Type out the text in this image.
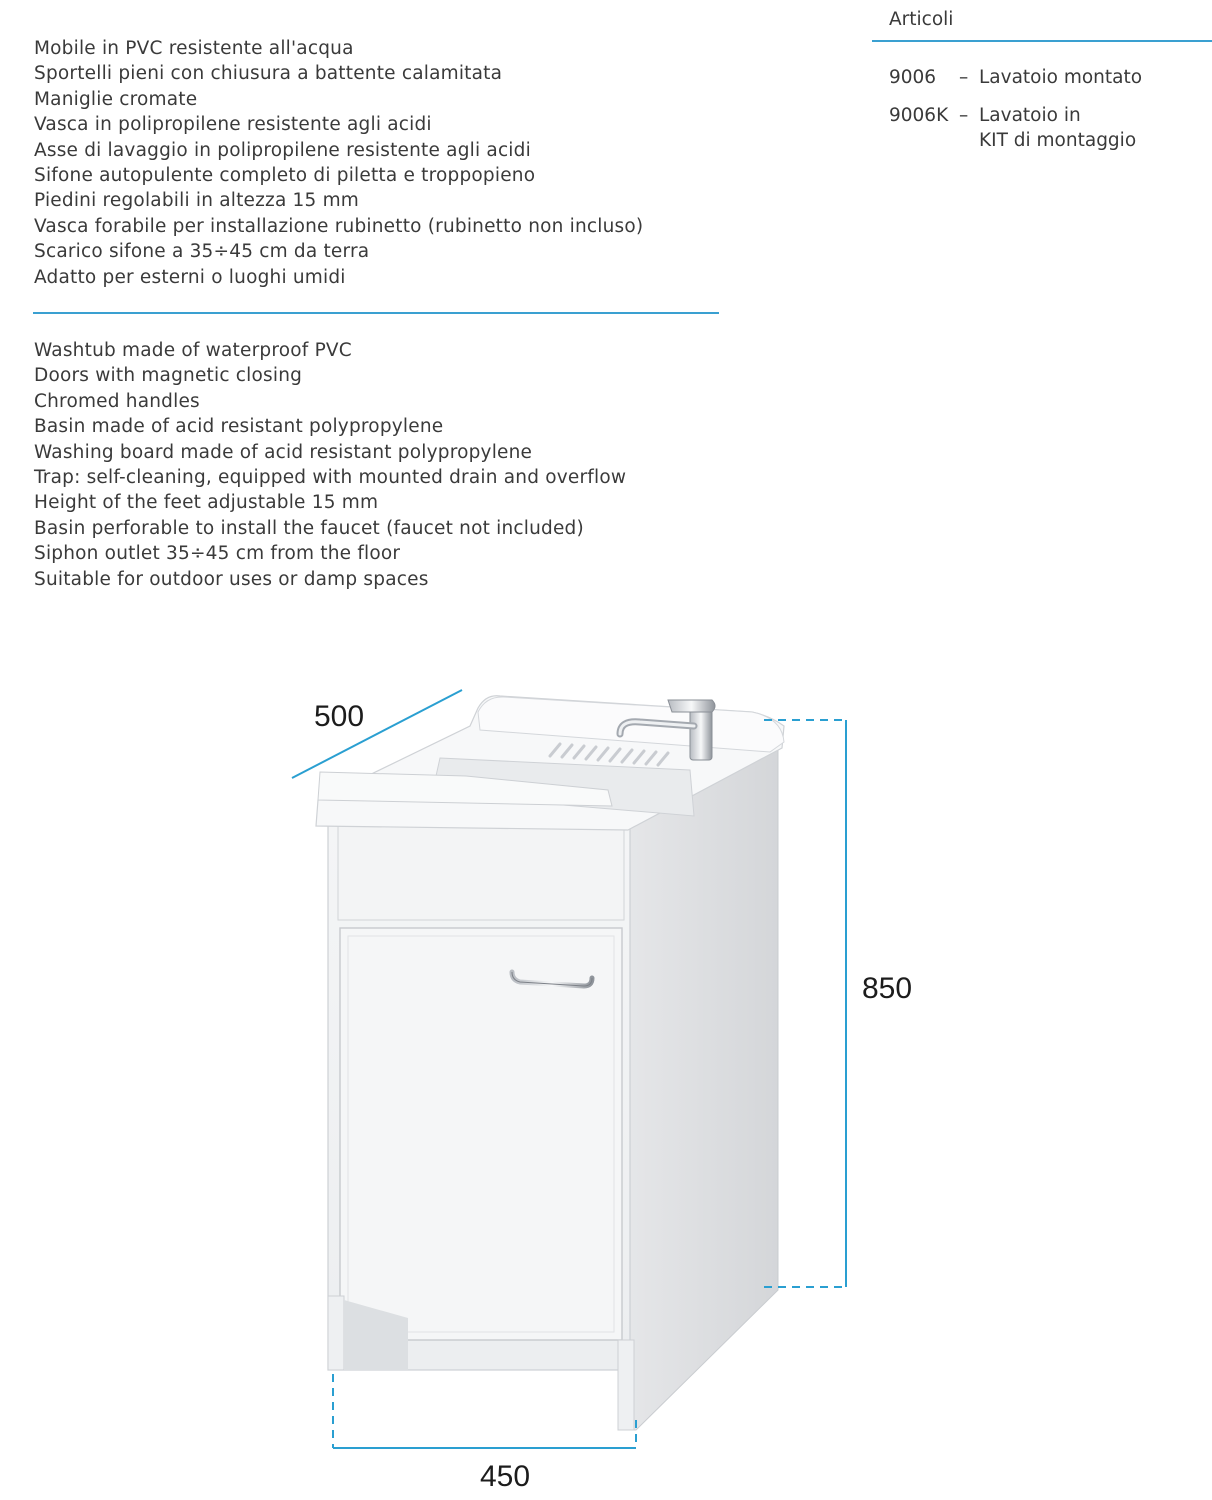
Mobile in PVC resistente all'acqua
Sportelli pieni con chiusura a battente calamitata
Maniglie cromate
Vasca in polipropilene resistente agli acidi
Asse di lavaggio in polipropilene resistente agli acidi
Sifone autopulente completo di piletta e troppopieno
Piedini regolabili in altezza 15 mm
Vasca forabile per installazione rubinetto (rubinetto non incluso)
Scarico sifone a 35÷45 cm da terra
Adatto per esterni o luoghi umidi
Washtub made of waterproof PVC
Doors with magnetic closing
Chromed handles
Basin made of acid resistant polypropylene
Washing board made of acid resistant polypropylene
Trap: self-cleaning, equipped with mounted drain and overflow
Height of the feet adjustable 15 mm
Basin perforable to install the faucet (faucet not included)
Siphon outlet 35÷45 cm from the floor
Suitable for outdoor uses or damp spaces
Articoli
9006 – Lavatoio montato
9006K – Lavatoio in
KIT di montaggio
500
850
450
